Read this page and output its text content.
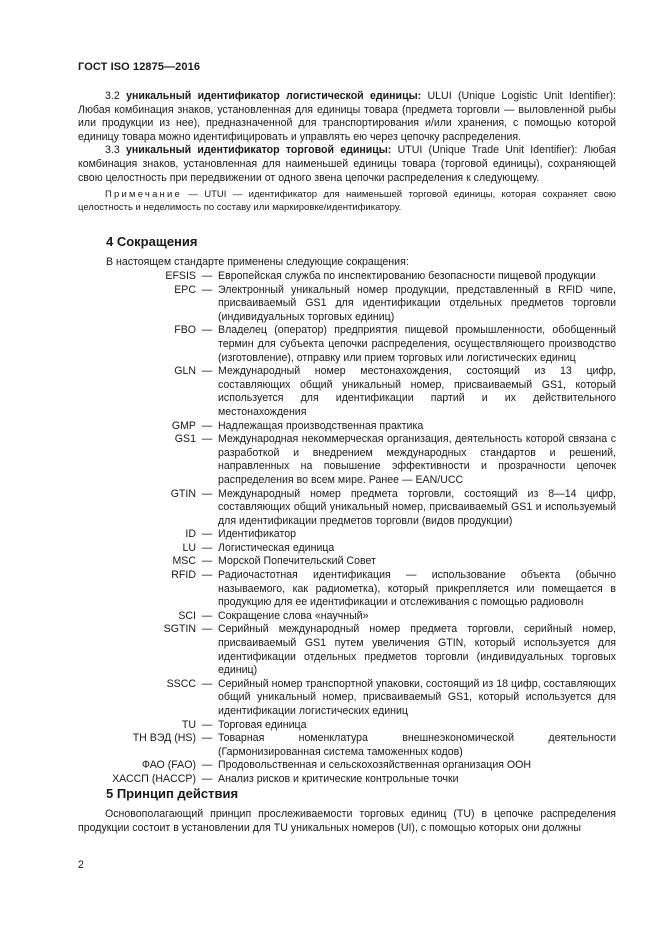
ГОСТ ISO 12875—2016

3.2 уникальный идентификатор логистической единицы: ULUI (Unique Logistic Unit Identifier): Любая комбинация знаков, установленная для единицы товара (предмета торговли — выловленной рыбы или продукции из нее), предназначенной для транспортирования и/или хранения, с помощью которой единицу товара можно идентифицировать и управлять ею через цепочку распределения.

3.3 уникальный идентификатор торговой единицы: UTUI (Unique Trade Unit Identifier): Любая комбинация знаков, установленная для наименьшей единицы товара (торговой единицы), сохраняющей свою целостность при передвижении от одного звена цепочки распределения к следующему.

Примечание — UTUI — идентификатор для наименьшей торговой единицы, которая сохраняет свою целостность и неделимость по составу или маркировке/идентификатору.

4 Сокращения
В настоящем стандарте применены следующие сокращения:
EFSIS — Европейская служба по инспектированию безопасности пищевой продукции
EPC — Электронный уникальный номер продукции, представленный в RFID чипе, присваиваемый GS1 для идентификации отдельных предметов торговли (индивидуальных торговых единиц)
FBO — Владелец (оператор) предприятия пищевой промышленности, обобщенный термин для субъекта цепочки распределения, осуществляющего производство (изготовление), отправку или прием торговых или логистических единиц
GLN — Международный номер местонахождения, состоящий из 13 цифр, составляющих общий уникальный номер, присваиваемый GS1, который используется для идентификации партий и их действительного местонахождения
GMP — Надлежащая производственная практика
GS1 — Международная некоммерческая организация, деятельность которой связана с разработкой и внедрением международных стандартов и решений, направленных на повышение эффективности и прозрачности цепочек распределения во всем мире. Ранее — EAN/UCC
GTIN — Международный номер предмета торговли, состоящий из 8—14 цифр, составляющих общий уникальный номер, присваиваемый GS1 и используемый для идентификации предметов торговли (видов продукции)
ID — Идентификатор
LU — Логистическая единица
MSC — Морской Попечительский Совет
RFID — Радиочастотная идентификация — использование объекта (обычно называемого, как радиометка), который прикрепляется или помещается в продукцию для ее идентификации и отслеживания с помощью радиоволн
SCI — Сокращение слова «научный»
SGTIN — Серийный международный номер предмета торговли, серийный номер, присваиваемый GS1 путем увеличения GTIN, который используется для идентификации отдельных предметов торговли (индивидуальных торговых единиц)
SSCC — Серийный номер транспортной упаковки, состоящий из 18 цифр, составляющих общий уникальный номер, присваиваемый GS1, который используется для идентификации логистических единиц
TU — Торговая единица
ТН ВЭД (HS) — Товарная номенклатура внешнеэкономической деятельности (Гармонизированная система таможенных кодов)
ФАО (FAO) — Продовольственная и сельскохозяйственная организация ООН
ХАССП (HACCP) — Анализ рисков и критические контрольные точки
5 Принцип действия

Основополагающий принцип прослеживаемости торговых единиц (TU) в цепочке распределения продукции состоит в установлении для TU уникальных номеров (UI), с помощью которых они должны

2
